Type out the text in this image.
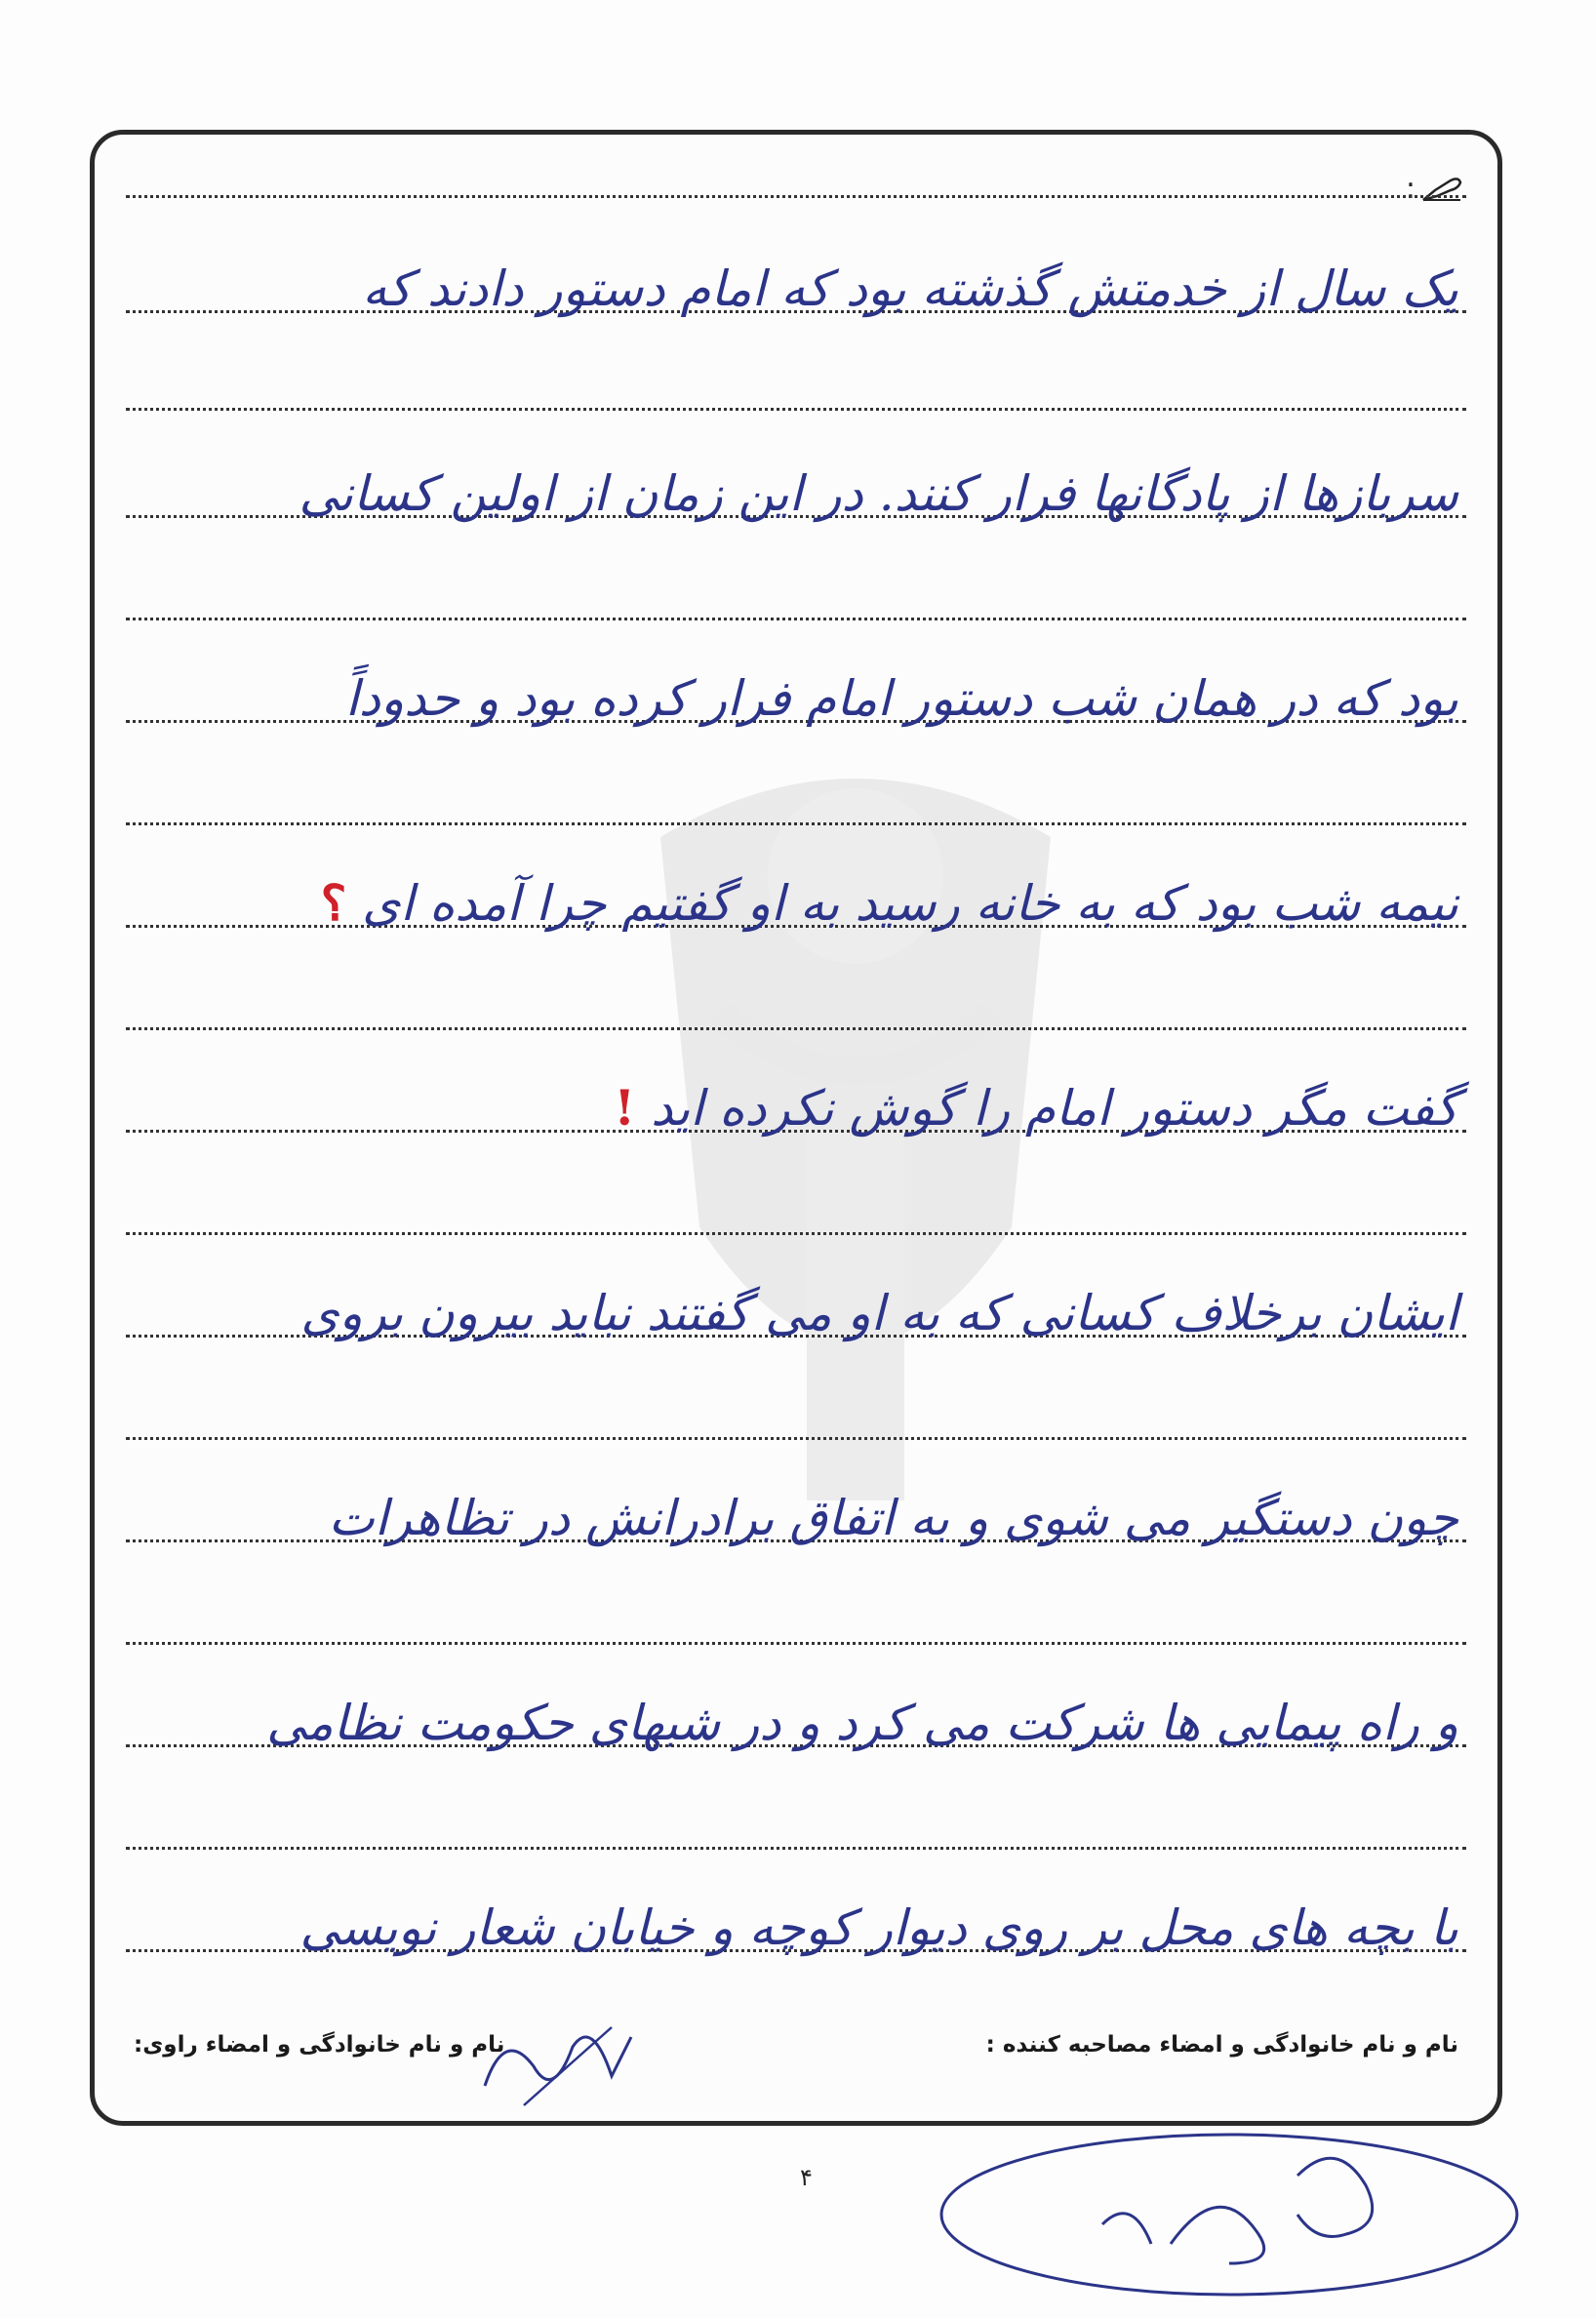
:
یک سال از خدمتش گذشته بود که امام دستور دادند که
سربازها از پادگانها فرار کنند. در این زمان از اولین کسانی
بود که در همان شب دستور امام فرار کرده بود و حدوداً
نیمه شب بود که به خانه رسید به او گفتیم چرا آمده ای ؟
گفت مگر دستور امام را گوش نکرده اید !
ایشان برخلاف کسانی که به او می گفتند نباید بیرون بروی
چون دستگیر می شوی و به اتفاق برادرانش در تظاهرات
و راه پیمایی ها شرکت می کرد و در شبهای حکومت نظامی
با بچه های محل بر روی دیوار کوچه و خیابان شعار نویسی
نام و نام خانوادگی و امضاء مصاحبه کننده :
نام و نام خانوادگی و امضاء راوی:
۴
